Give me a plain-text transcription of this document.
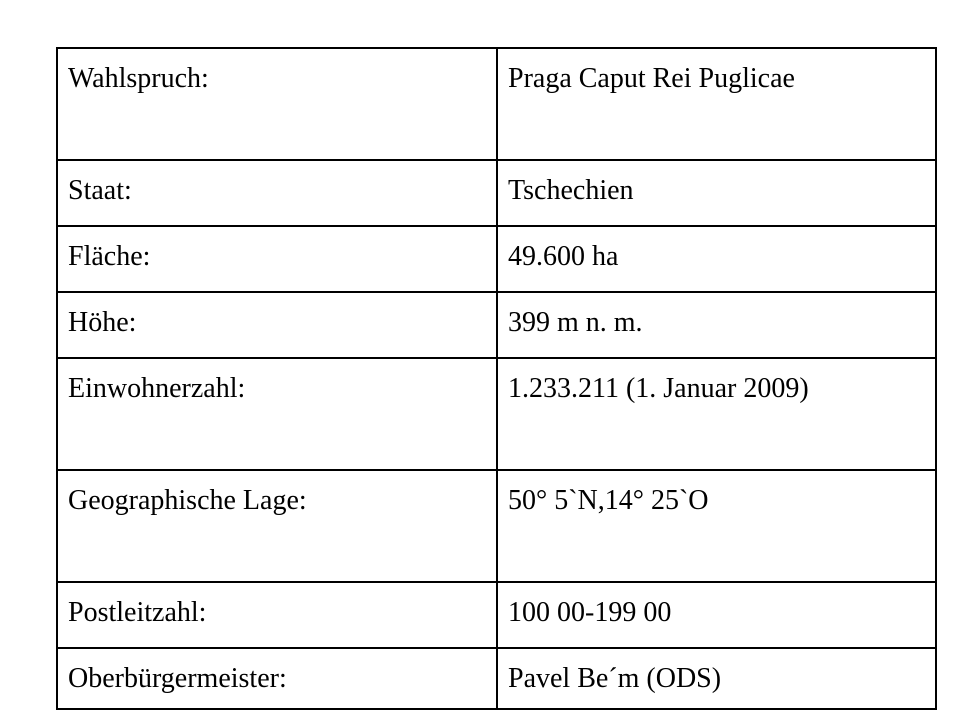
Wahlspruch:	Praga Caput Rei Puglicae
Staat:	Tschechien
Fläche:	49.600 ha
Höhe:	399 m n. m.
Einwohnerzahl:	1.233.211 (1. Januar 2009)
Geographische Lage:	50° 5`N,14° 25`O
Postleitzahl:	100 00-199 00
Oberbürgermeister:	Pavel Be´m (ODS)
